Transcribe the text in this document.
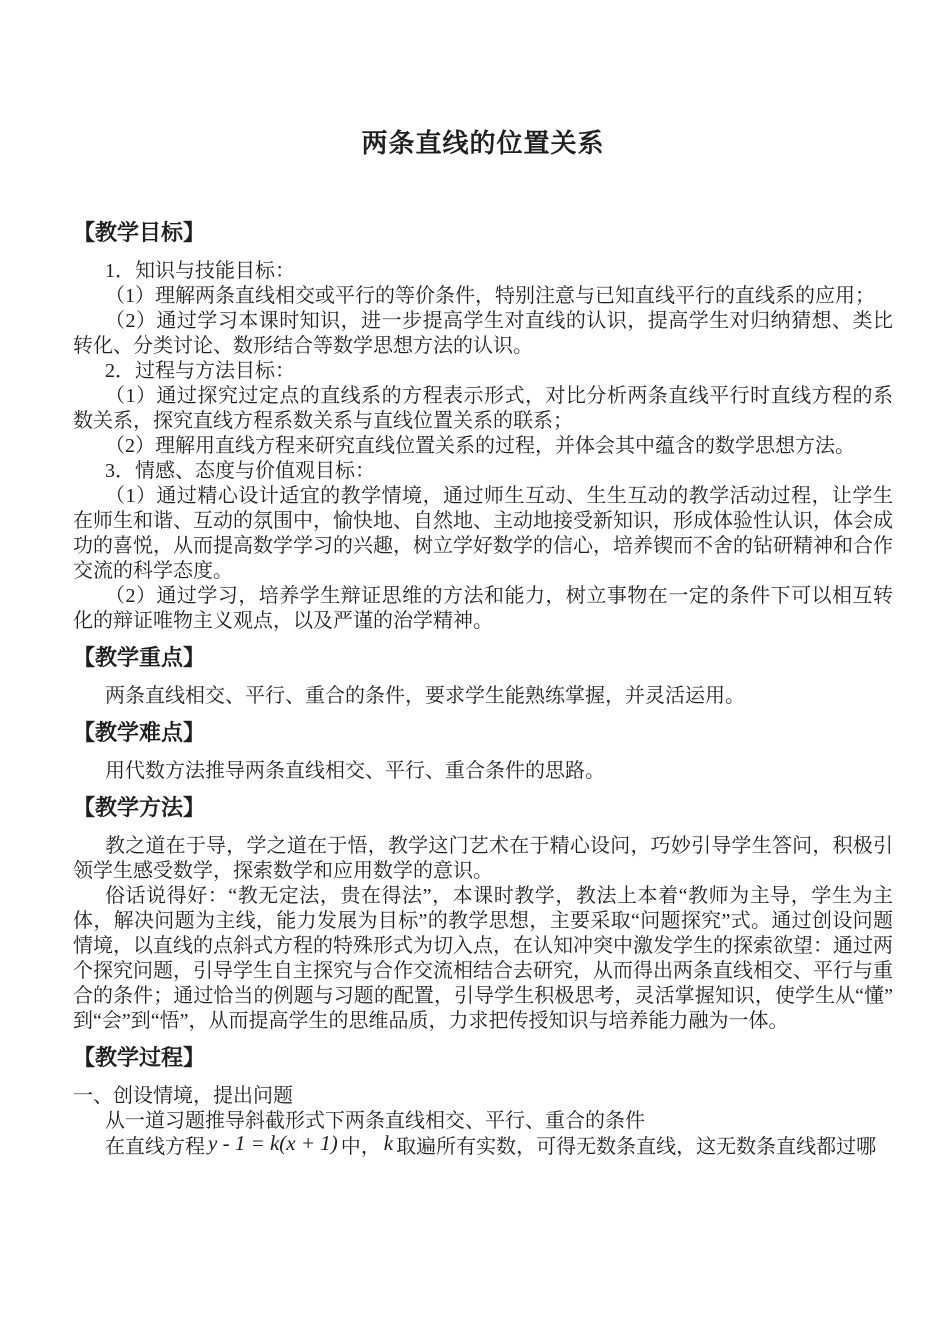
两条直线的位置关系
【教学目标】

1．知识与技能目标：

（1）理解两条直线相交或平行的等价条件，特别注意与已知直线平行的直线系的应用；

（2）通过学习本课时知识，进一步提高学生对直线的认识，提高学生对归纳猜想、类比转化、分类讨论、数形结合等数学思想方法的认识。

2．过程与方法目标：

（1）通过探究过定点的直线系的方程表示形式，对比分析两条直线平行时直线方程的系数关系，探究直线方程系数关系与直线位置关系的联系；

（2）理解用直线方程来研究直线位置关系的过程，并体会其中蕴含的数学思想方法。

3．情感、态度与价值观目标：

（1）通过精心设计适宜的教学情境，通过师生互动、生生互动的教学活动过程，让学生在师生和谐、互动的氛围中，愉快地、自然地、主动地接受新知识，形成体验性认识，体会成功的喜悦，从而提高数学学习的兴趣，树立学好数学的信心，培养锲而不舍的钻研精神和合作交流的科学态度。

（2）通过学习，培养学生辩证思维的方法和能力，树立事物在一定的条件下可以相互转化的辩证唯物主义观点，以及严谨的治学精神。

【教学重点】

两条直线相交、平行、重合的条件，要求学生能熟练掌握，并灵活运用。

【教学难点】

用代数方法推导两条直线相交、平行、重合条件的思路。

【教学方法】

教之道在于导，学之道在于悟，教学这门艺术在于精心设问，巧妙引导学生答问，积极引领学生感受数学，探索数学和应用数学的意识。

俗话说得好：“教无定法，贵在得法”，本课时教学，教法上本着“教师为主导，学生为主体，解决问题为主线，能力发展为目标”的教学思想，主要采取“问题探究”式。通过创设问题情境，以直线的点斜式方程的特殊形式为切入点，在认知冲突中激发学生的探索欲望：通过两个探究问题，引导学生自主探究与合作交流相结合去研究，从而得出两条直线相交、平行与重合的条件；通过恰当的例题与习题的配置，引导学生积极思考，灵活掌握知识，使学生从“懂”到“会”到“悟”，从而提高学生的思维品质，力求把传授知识与培养能力融为一体。

【教学过程】

一、创设情境，提出问题

从一道习题推导斜截形式下两条直线相交、平行、重合的条件

在直线方程 y - 1 = k(x + 1) 中， k 取遍所有实数，可得无数条直线，这无数条直线都过哪
